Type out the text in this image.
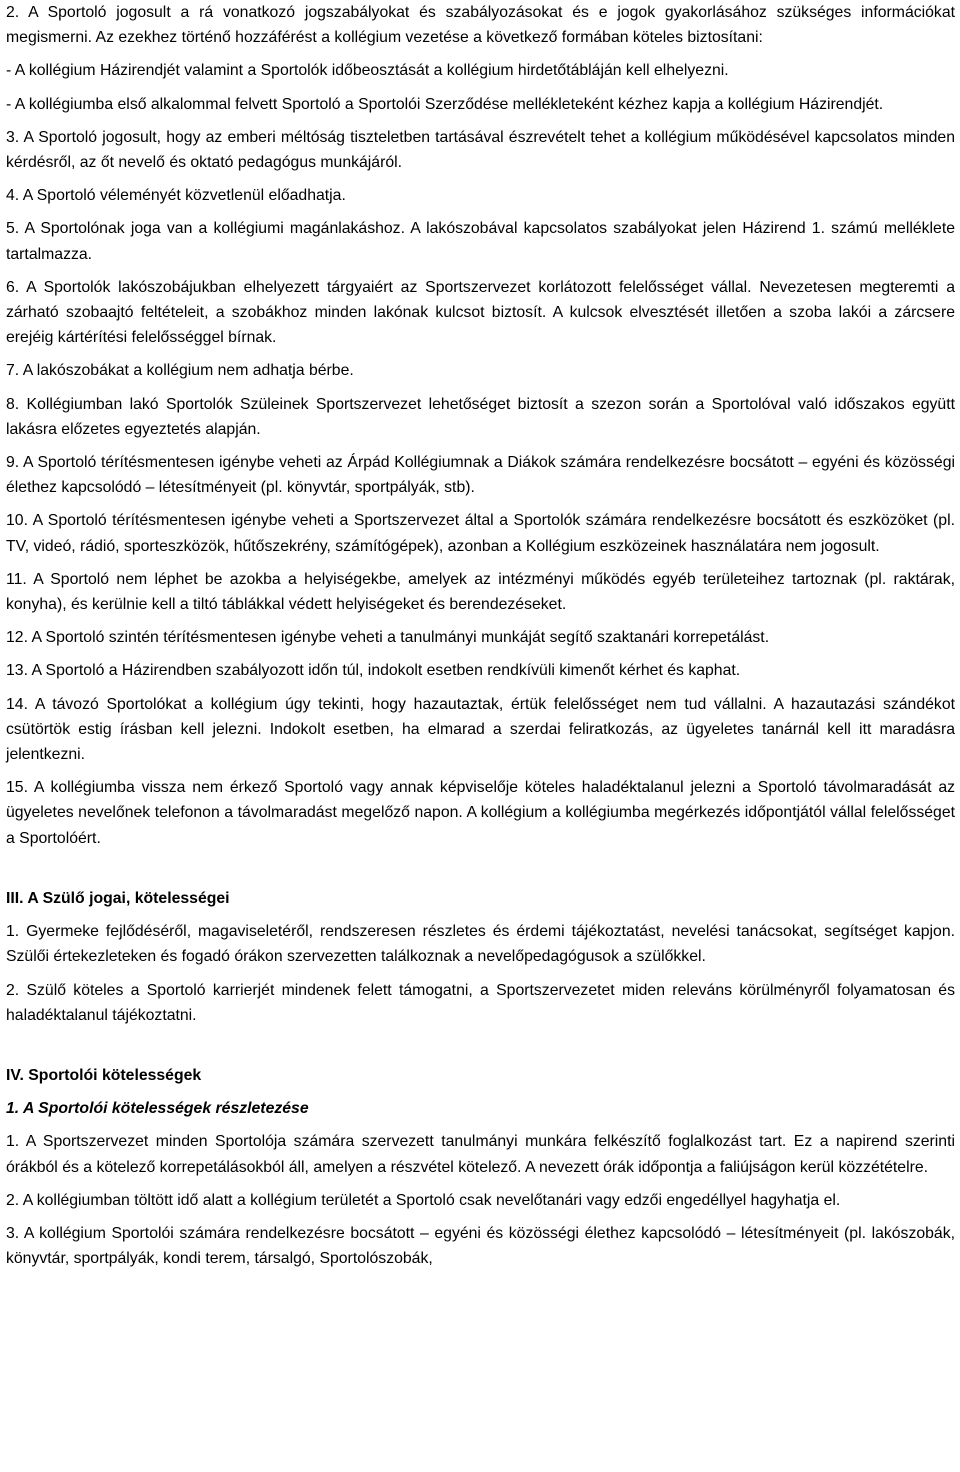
2. A Sportoló jogosult a rá vonatkozó jogszabályokat és szabályozásokat és e jogok gyakorlásához szükséges információkat megismerni. Az ezekhez történő hozzáférést a kollégium vezetése a következő formában köteles biztosítani:

- A kollégium Házirendjét valamint a Sportolók időbeosztását a kollégium hirdetőtábláján kell elhelyezni.

- A kollégiumba első alkalommal felvett Sportoló a Sportolói Szerződése mellékleteként kézhez kapja a kollégium Házirendjét.

3. A Sportoló jogosult, hogy az emberi méltóság tiszteletben tartásával észrevételt tehet a kollégium működésével kapcsolatos minden kérdésről, az őt nevelő és oktató pedagógus munkájáról.

4. A Sportoló véleményét közvetlenül előadhatja.

5. A Sportolónak joga van a kollégiumi magánlakáshoz. A lakószobával kapcsolatos szabályokat jelen Házirend 1. számú melléklete tartalmazza.

6. A Sportolók lakószobájukban elhelyezett tárgyaiért az Sportszervezet korlátozott felelősséget vállal. Nevezetesen megteremti a zárható szobaajtó feltételeit, a szobákhoz minden lakónak kulcsot biztosít. A kulcsok elvesztését illetően a szoba lakói a zárcsere erejéig kártérítési felelősséggel bírnak.

7. A lakószobákat a kollégium nem adhatja bérbe.

8. Kollégiumban lakó Sportolók Szüleinek Sportszervezet lehetőséget biztosít a szezon során a Sportolóval való időszakos együtt lakásra előzetes egyeztetés alapján.

9. A Sportoló térítésmentesen igénybe veheti az Árpád Kollégiumnak a Diákok számára rendelkezésre bocsátott – egyéni és közösségi élethez kapcsolódó – létesítményeit (pl. könyvtár, sportpályák, stb).

10. A Sportoló térítésmentesen igénybe veheti a Sportszervezet által a Sportolók számára rendelkezésre bocsátott és eszközöket (pl. TV, videó, rádió, sporteszközök, hűtőszekrény, számítógépek), azonban a Kollégium eszközeinek használatára nem jogosult.

11. A Sportoló nem léphet be azokba a helyiségekbe, amelyek az intézményi működés egyéb területeihez tartoznak (pl. raktárak, konyha), és kerülnie kell a tiltó táblákkal védett helyiségeket és berendezéseket.

12. A Sportoló szintén térítésmentesen igénybe veheti a tanulmányi munkáját segítő szaktanári korrepetálást.

13. A Sportoló a Házirendben szabályozott időn túl, indokolt esetben rendkívüli kimenőt kérhet és kaphat.

14. A távozó Sportolókat a kollégium úgy tekinti, hogy hazautaztak, értük felelősséget nem tud vállalni. A hazautazási szándékot csütörtök estig írásban kell jelezni. Indokolt esetben, ha elmarad a szerdai feliratkozás, az ügyeletes tanárnál kell itt maradásra jelentkezni.

15. A kollégiumba vissza nem érkező Sportoló vagy annak képviselője köteles haladéktalanul jelezni a Sportoló távolmaradását az ügyeletes nevelőnek telefonon a távolmaradást megelőző napon. A kollégium a kollégiumba megérkezés időpontjától vállal felelősséget a Sportolóért.

III. A Szülő jogai, kötelességei

1. Gyermeke fejlődéséről, magaviseletéről, rendszeresen részletes és érdemi tájékoztatást, nevelési tanácsokat, segítséget kapjon. Szülői értekezleteken és fogadó órákon szervezetten találkoznak a nevelőpedagógusok a szülőkkel.

2. Szülő köteles a Sportoló karrierjét mindenek felett támogatni, a Sportszervezetet miden releváns körülményről folyamatosan és haladéktalanul tájékoztatni.

IV. Sportolói kötelességek
1. A Sportolói kötelességek részletezése

1. A Sportszervezet minden Sportolója számára szervezett tanulmányi munkára felkészítő foglalkozást tart. Ez a napirend szerinti órákból és a kötelező korrepetálásokból áll, amelyen a részvétel kötelező. A nevezett órák időpontja a faliújságon kerül közzétételre.

2. A kollégiumban töltött idő alatt a kollégium területét a Sportoló csak nevelőtanári vagy edzői engedéllyel hagyhatja el.

3. A kollégium Sportolói számára rendelkezésre bocsátott – egyéni és közösségi élethez kapcsolódó – létesítményeit (pl. lakószobák, könyvtár, sportpályák, kondi terem, társalgó, Sportolószobák,
